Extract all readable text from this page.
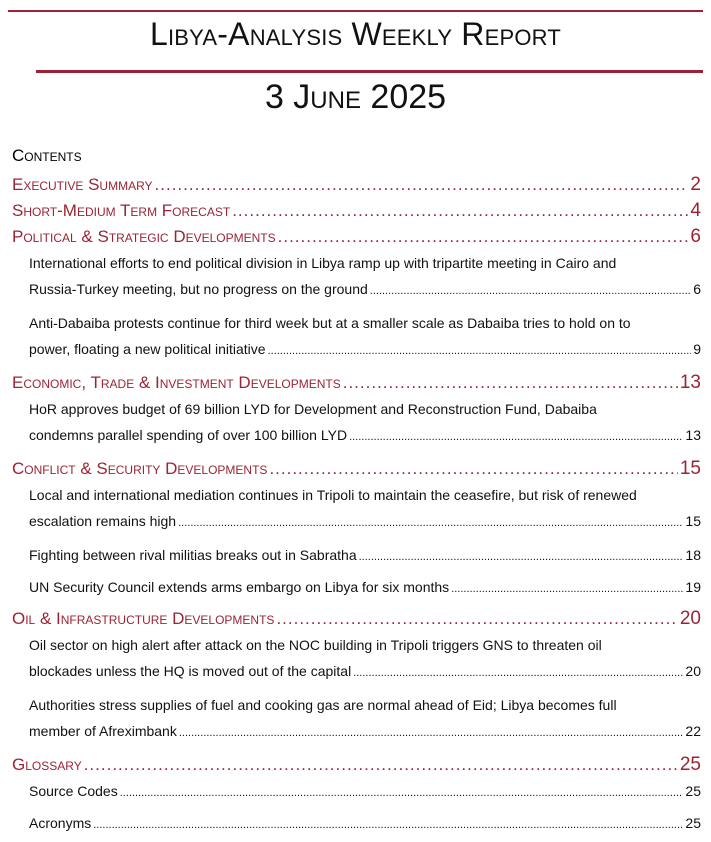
Libya-Analysis Weekly Report
3 June 2025
Contents
Executive Summary .....	2
Short-Medium Term Forecast .....	4
Political & Strategic Developments .....	6
International efforts to end political division in Libya ramp up with tripartite meeting in Cairo and
Russia-Turkey meeting, but no progress on the ground .....	6
Anti-Dabaiba protests continue for third week but at a smaller scale as Dabaiba tries to hold on to
power, floating a new political initiative .....	9
Economic, Trade & Investment Developments .....	13
HoR approves budget of 69 billion LYD for Development and Reconstruction Fund, Dabaiba
condemns parallel spending of over 100 billion LYD .....	13
Conflict & Security Developments .....	15
Local and international mediation continues in Tripoli to maintain the ceasefire, but risk of renewed
escalation remains high .....	15
Fighting between rival militias breaks out in Sabratha .....	18
UN Security Council extends arms embargo on Libya for six months .....	19
Oil & Infrastructure Developments .....	20
Oil sector on high alert after attack on the NOC building in Tripoli triggers GNS to threaten oil
blockades unless the HQ is moved out of the capital .....	20
Authorities stress supplies of fuel and cooking gas are normal ahead of Eid; Libya becomes full
member of Afreximbank .....	22
Glossary .....	25
Source Codes .....	25
Acronyms .....	25
